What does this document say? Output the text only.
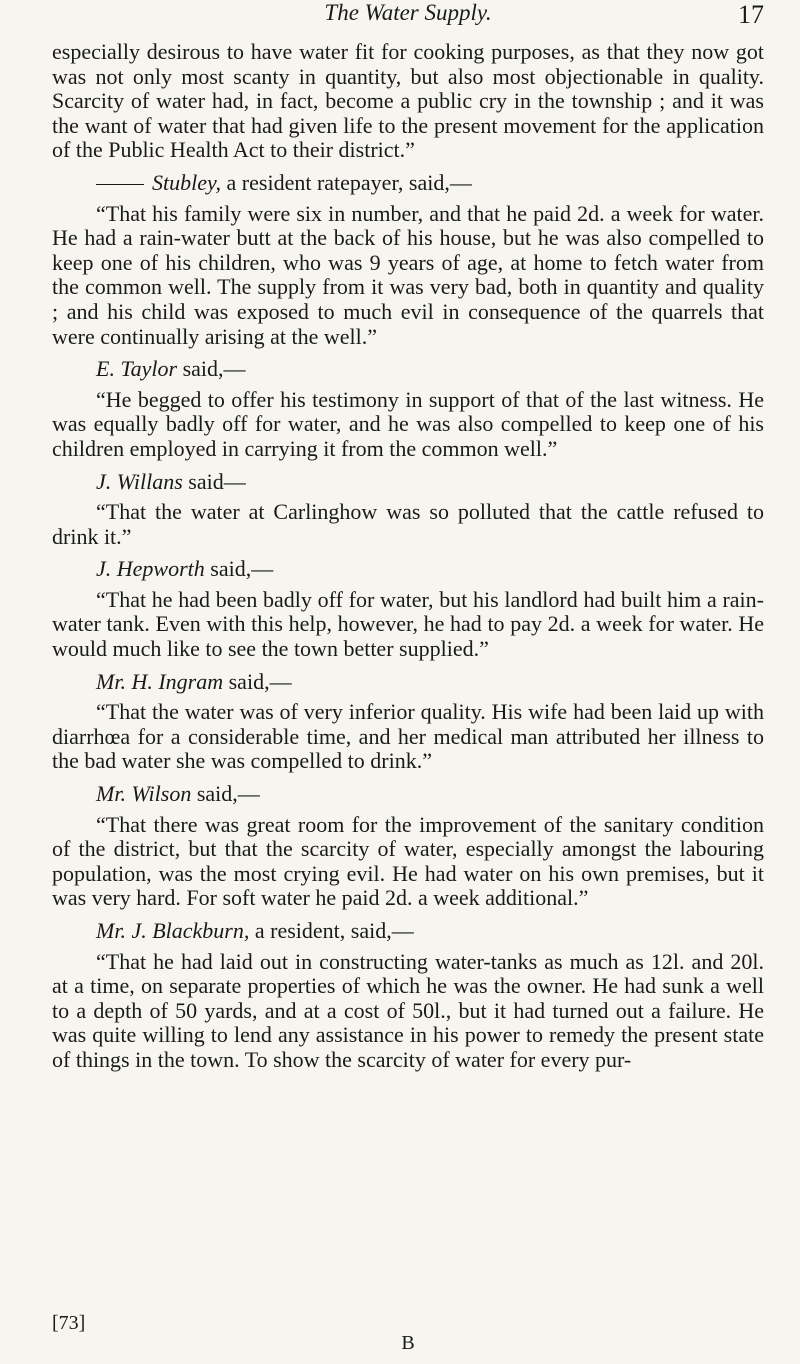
The Water Supply.	17

especially desirous to have water fit for cooking purposes, as that they now got was not only most scanty in quantity, but also most objectionable in quality. Scarcity of water had, in fact, become a public cry in the township ; and it was the want of water that had given life to the present movement for the application of the Public Health Act to their district.”

Stubley, a resident ratepayer, said,—

“That his family were six in number, and that he paid 2d. a week for water. He had a rain-water butt at the back of his house, but he was also compelled to keep one of his children, who was 9 years of age, at home to fetch water from the common well. The supply from it was very bad, both in quantity and quality ; and his child was exposed to much evil in consequence of the quarrels that were continually arising at the well.”

E. Taylor said,—

“He begged to offer his testimony in support of that of the last witness. He was equally badly off for water, and he was also compelled to keep one of his children employed in carrying it from the common well.”

J. Willans said—

“That the water at Carlinghow was so polluted that the cattle refused to drink it.”

J. Hepworth said,—

“That he had been badly off for water, but his landlord had built him a rain-water tank. Even with this help, however, he had to pay 2d. a week for water. He would much like to see the town better supplied.”

Mr. H. Ingram said,—

“That the water was of very inferior quality. His wife had been laid up with diarrhœa for a considerable time, and her medical man attributed her illness to the bad water she was compelled to drink.”

Mr. Wilson said,—

“That there was great room for the improvement of the sanitary condition of the district, but that the scarcity of water, especially amongst the labouring population, was the most crying evil. He had water on his own premises, but it was very hard. For soft water he paid 2d. a week additional.”

Mr. J. Blackburn, a resident, said,—

“That he had laid out in constructing water-tanks as much as 12l. and 20l. at a time, on separate properties of which he was the owner. He had sunk a well to a depth of 50 yards, and at a cost of 50l., but it had turned out a failure. He was quite willing to lend any assistance in his power to remedy the present state of things in the town. To show the scarcity of water for every pur-

[73]
B
